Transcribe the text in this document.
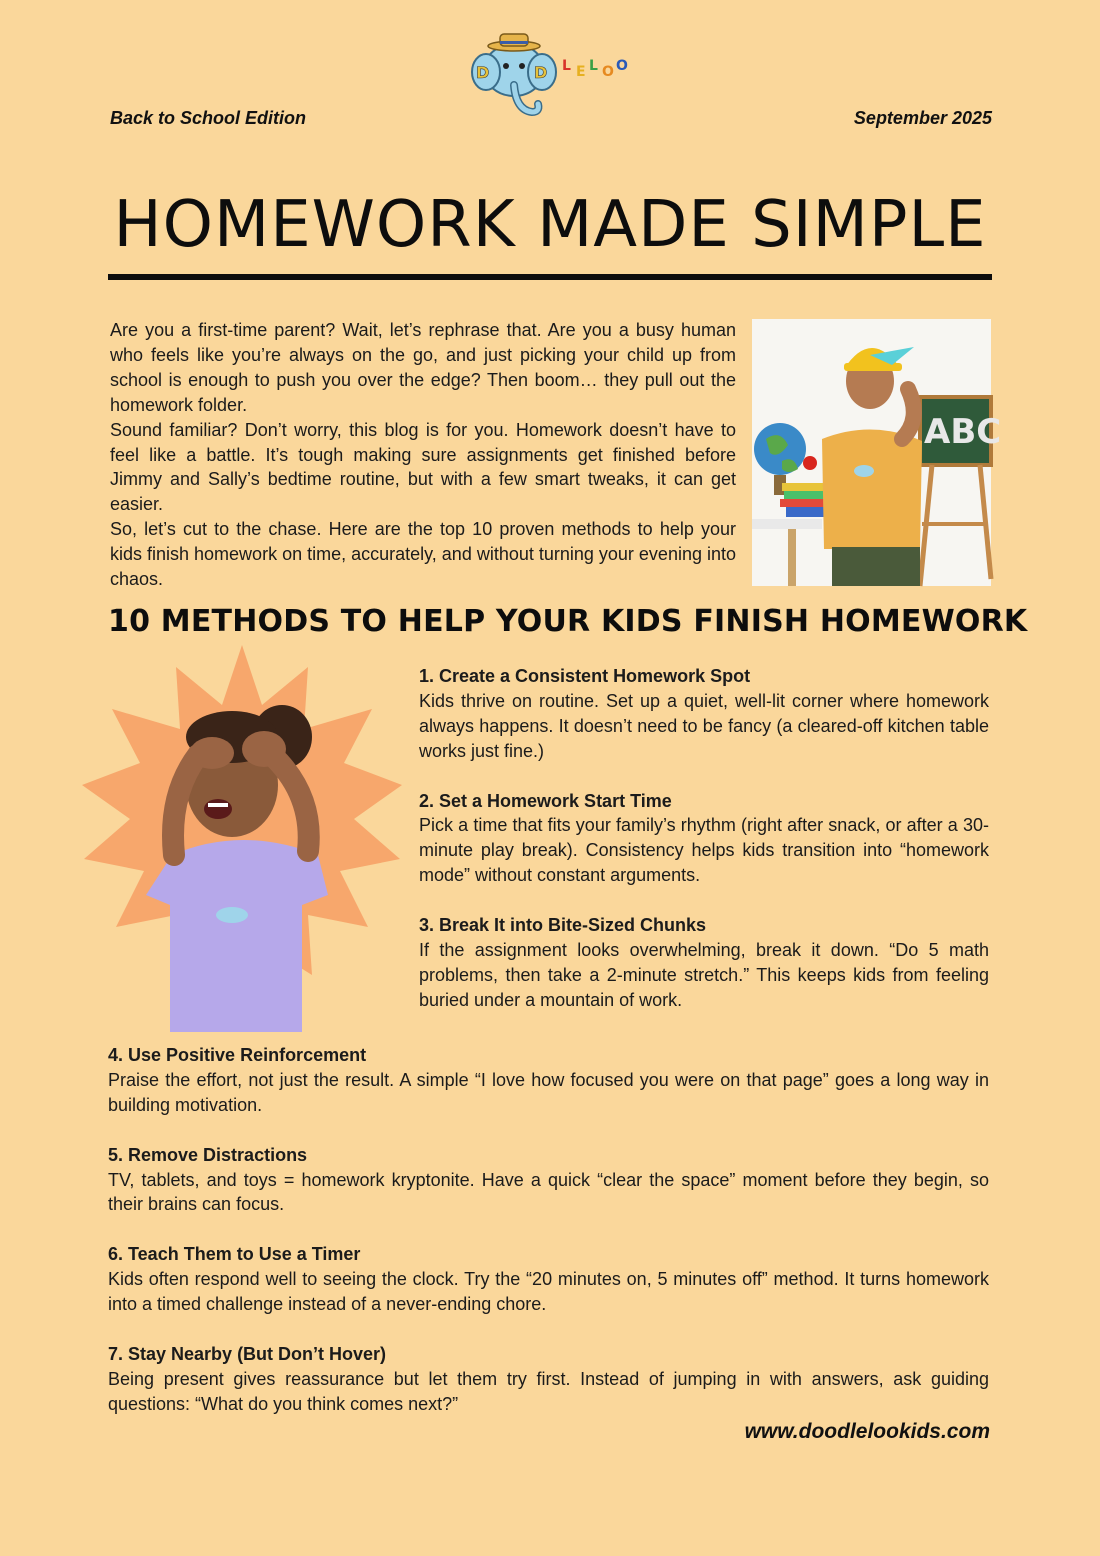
D	D L E L O O
Back to School Edition	September 2025
HOMEWORK MADE SIMPLE

Are you a first-time parent? Wait, let’s rephrase that. Are you a busy human who feels like you’re always on the go, and just picking your child up from school is enough to push you over the edge? Then boom… they pull out the homework folder.

Sound familiar? Don’t worry, this blog is for you. Homework doesn’t have to feel like a battle. It’s tough making sure assignments get finished before Jimmy and Sally’s bedtime routine, but with a few smart tweaks, it can get easier.

So, let’s cut to the chase. Here are the top 10 proven methods to help your kids finish homework on time, accurately, and without turning your evening into chaos.

ABC
10 METHODS TO HELP YOUR KIDS FINISH HOMEWORK
1. Create a Consistent Homework Spot
Kids thrive on routine. Set up a quiet, well-lit corner where homework always happens. It doesn’t need to be fancy (a cleared-off kitchen table works just fine.)
2. Set a Homework Start Time
Pick a time that fits your family’s rhythm (right after snack, or after a 30-minute play break). Consistency helps kids transition into “homework mode” without constant arguments.
3. Break It into Bite-Sized Chunks
If the assignment looks overwhelming, break it down. “Do 5 math problems, then take a 2-minute stretch.” This keeps kids from feeling buried under a mountain of work.
4. Use Positive Reinforcement
Praise the effort, not just the result. A simple “I love how focused you were on that page” goes a long way in building motivation.
5. Remove Distractions
TV, tablets, and toys = homework kryptonite. Have a quick “clear the space” moment before they begin, so their brains can focus.
6. Teach Them to Use a Timer
Kids often respond well to seeing the clock. Try the “20 minutes on, 5 minutes off” method. It turns homework into a timed challenge instead of a never-ending chore.
7. Stay Nearby (But Don’t Hover)
Being present gives reassurance but let them try first. Instead of jumping in with answers, ask guiding questions: “What do you think comes next?”
www.doodlelookids.com
